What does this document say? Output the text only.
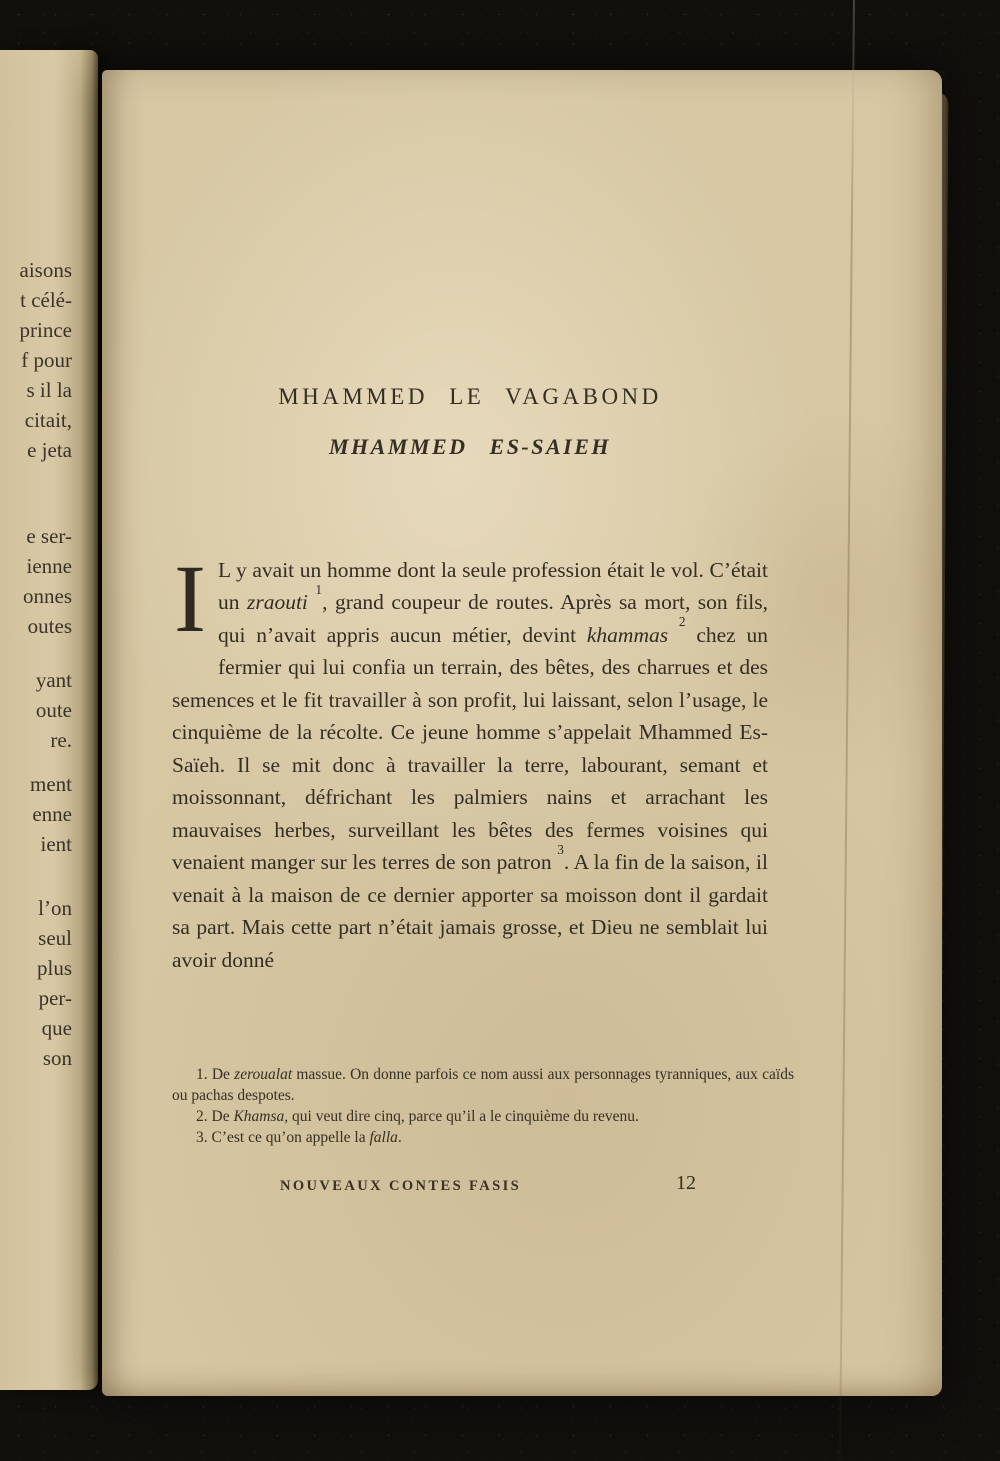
aisons
t célé-
prince
f pour
s il la
citait,
e jeta
e ser-
ienne
onnes
outes
yant
oute
re.
ment
enne
ient
l’on
seul
plus
per-
que
son
MHAMMED LE VAGABOND
MHAMMED ES-SAIEH

I L y avait un homme dont la seule profession était le vol. C’était un zraouti $^1$, grand coupeur de routes. Après sa mort, son fils, qui n’avait appris aucun métier, devint khammas $^2$ chez un fermier qui lui confia un terrain, des bêtes, des charrues et des semences et le fit travailler à son profit, lui laissant, selon l’usage, le cinquième de la récolte. Ce jeune homme s’appelait Mhammed Es-Saïeh. Il se mit donc à travailler la terre, labourant, semant et moissonnant, défrichant les palmiers nains et arrachant les mauvaises herbes, surveillant les bêtes des fermes voisines qui venaient manger sur les terres de son patron $^3$. A la fin de la saison, il venait à la maison de ce dernier apporter sa moisson dont il gardait sa part. Mais cette part n’était jamais grosse, et Dieu ne semblait lui avoir donné

1. De zeroualat massue. On donne parfois ce nom aussi aux personnages tyranniques, aux caïds ou pachas despotes.

2. De Khamsa, qui veut dire cinq, parce qu’il a le cinquième du revenu.

3. C’est ce qu’on appelle la falla.

NOUVEAUX CONTES FASIS	12
